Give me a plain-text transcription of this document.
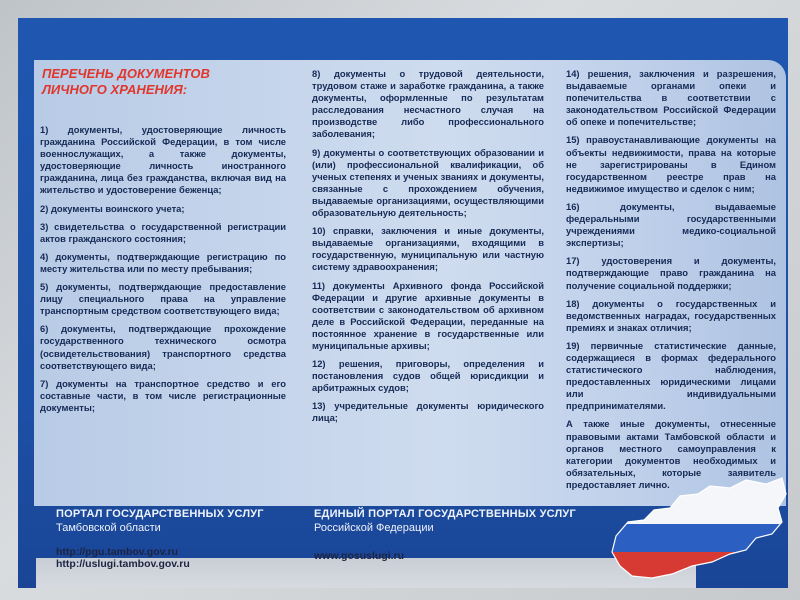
ПЕРЕЧЕНЬ ДОКУМЕНТОВ ЛИЧНОГО ХРАНЕНИЯ:

1) документы, удостоверяющие личность гражданина Российской Федерации, в том числе военнослужащих, а также документы, удостоверяющие личность иностранного гражданина, лица без гражданства, включая вид на жительство и удостоверение беженца;

2) документы воинского учета;

3) свидетельства о государственной регистрации актов гражданского состояния;

4) документы, подтверждающие регистрацию по месту жительства или по месту пребывания;

5) документы, подтверждающие предоставление лицу специального права на управление транспортным средством соответствующего вида;

6) документы, подтверждающие прохождение государственного технического осмотра (освидетельствования) транспортного средства соответствующего вида;

7) документы на транспортное средство и его составные части, в том числе регистрационные документы;

8) документы о трудовой деятельности, трудовом стаже и заработке гражданина, а также документы, оформленные по результатам расследования несчастного случая на производстве либо профессионального заболевания;

9) документы о соответствующих образовании и (или) профессиональной квалификации, об ученых степенях и ученых званиях и документы, связанные с прохождением обучения, выдаваемые организациями, осуществляющими образовательную деятельность;

10) справки, заключения и иные документы, выдаваемые организациями, входящими в государственную, муниципальную или частную систему здравоохранения;

11) документы Архивного фонда Российской Федерации и другие архивные документы в соответствии с законодательством об архивном деле в Российской Федерации, переданные на постоянное хранение в государственные или муниципальные архивы;

12) решения, приговоры, определения и постановления судов общей юрисдикции и арбитражных судов;

13) учредительные документы юридического лица;

14) решения, заключения и разрешения, выдаваемые органами опеки и попечительства в соответствии с законодательством Российской Федерации об опеке и попечительстве;

15) правоустанавливающие документы на объекты недвижимости, права на которые не зарегистрированы в Едином государственном реестре прав на недвижимое имущество и сделок с ним;

16) документы, выдаваемые федеральными государственными учреждениями медико-социальной экспертизы;

17) удостоверения и документы, подтверждающие право гражданина на получение социальной поддержки;

18) документы о государственных и ведомственных наградах, государственных премиях и знаках отличия;

19) первичные статистические данные, содержащиеся в формах федерального статистического наблюдения, предоставленных юридическими лицами или индивидуальными предпринимателями.

А также иные документы, отнесенные правовыми актами Тамбовской области и органов местного самоуправления к категории документов необходимых и обязательных, которые заявитель предоставляет лично.

ПОРТАЛ ГОСУДАРСТВЕННЫХ УСЛУГ
Тамбовской области
ЕДИНЫЙ ПОРТАЛ ГОСУДАРСТВЕННЫХ УСЛУГ
Российской Федерации
http://pgu.tambov.gov.ru
http://uslugi.tambov.gov.ru
www.gosuslugi.ru
